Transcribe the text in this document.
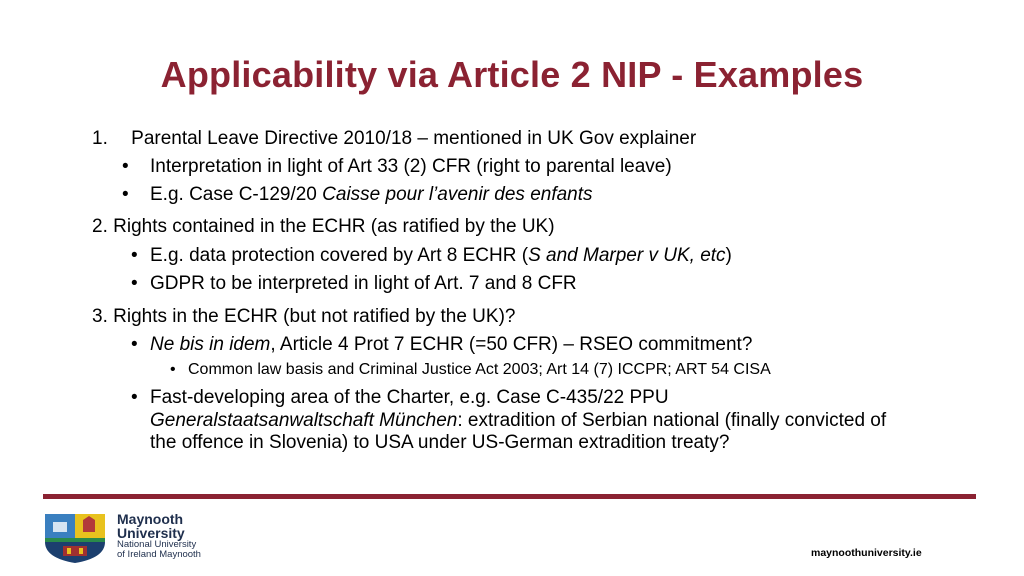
Applicability via Article 2 NIP - Examples
1. Parental Leave Directive 2010/18 – mentioned in UK Gov explainer
• Interpretation in light of Art 33 (2) CFR (right to parental leave)
• E.g. Case C-129/20 Caisse pour l’avenir des enfants
2. Rights contained in the ECHR (as ratified by the UK)
• E.g. data protection covered by Art 8 ECHR (S and Marper v UK, etc)
• GDPR to be interpreted in light of Art. 7 and 8 CFR
3. Rights in the ECHR (but not ratified by the UK)?
• Ne bis in idem, Article 4 Prot 7 ECHR (=50 CFR) – RSEO commitment?
• Common law basis and Criminal Justice Act 2003; Art 14 (7) ICCPR; ART 54 CISA
• Fast-developing area of the Charter, e.g. Case C-435/22 PPU
Generalstaatsanwaltschaft München: extradition of Serbian national (finally convicted of the offence in Slovenia) to USA under US-German extradition treaty?
Maynooth
University
National University
of Ireland Maynooth	maynoothuniversity.ie
